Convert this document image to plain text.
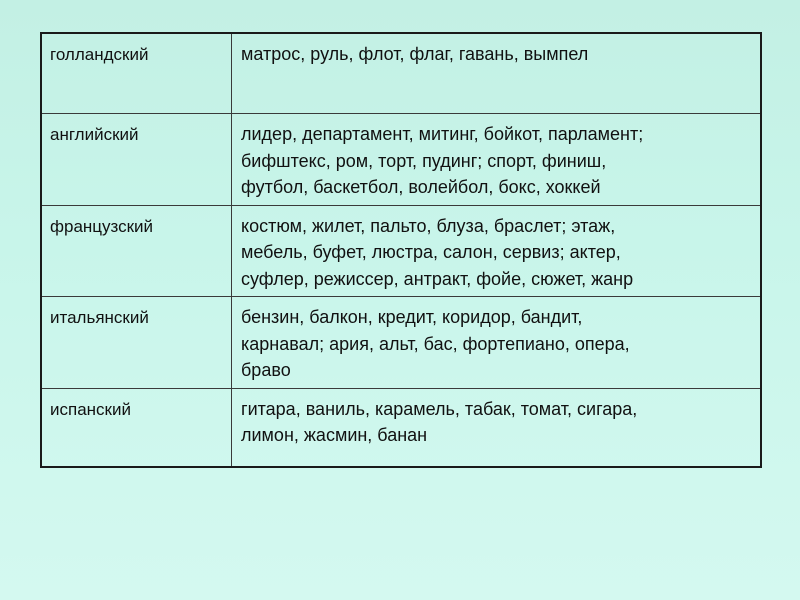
голландский	матрос, руль, флот, флаг, гавань, вымпел

английский	лидер, департамент, митинг, бойкот, парламент;
бифштекс, ром, торт, пудинг; спорт, финиш,
футбол, баскетбол, волейбол, бокс, хоккей

французский	костюм, жилет, пальто, блуза, браслет; этаж,
мебель, буфет, люстра, салон, сервиз; актер,
суфлер, режиссер, антракт, фойе, сюжет, жанр

итальянский	бензин, балкон, кредит, коридор, бандит,
карнавал; ария, альт, бас, фортепиано, опера,
браво

испанский	гитара, ваниль, карамель, табак, томат, сигара,
лимон, жасмин, банан
